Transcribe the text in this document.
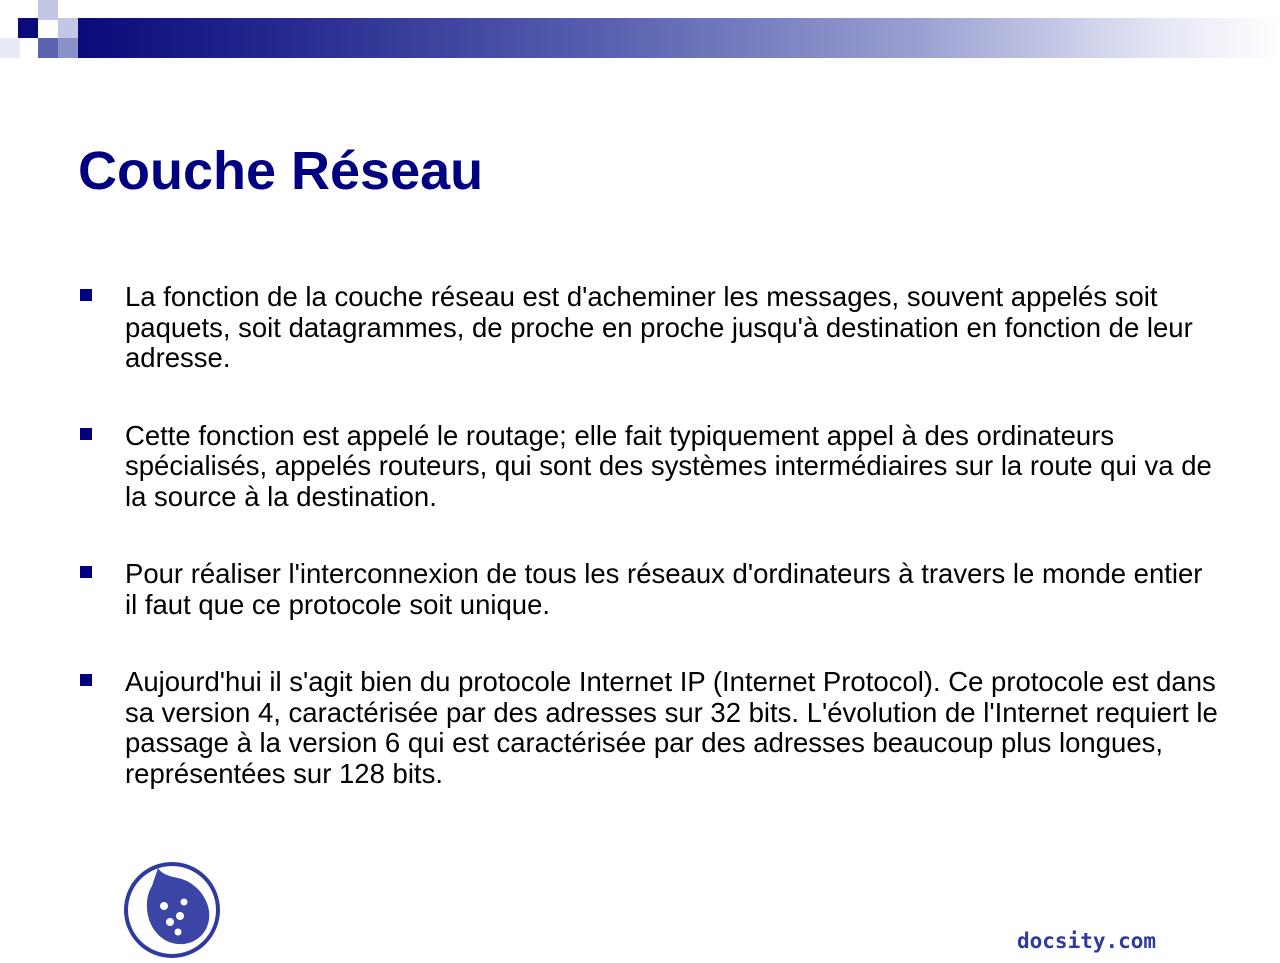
Couche Réseau
La fonction de la couche réseau est d'acheminer les messages, souvent appelés soit paquets, soit datagrammes, de proche en proche jusqu'à destination en fonction de leur adresse.
Cette fonction est appelé le routage; elle fait typiquement appel à des ordinateurs spécialisés, appelés routeurs, qui sont des systèmes intermédiaires sur la route qui va de la source à la destination.
Pour réaliser l'interconnexion de tous les réseaux d'ordinateurs à travers le monde entier il faut que ce protocole soit unique.
Aujourd'hui il s'agit bien du protocole Internet IP (Internet Protocol). Ce protocole est dans sa version 4, caractérisée par des adresses sur 32 bits. L'évolution de l'Internet requiert le passage à la version 6 qui est caractérisée par des adresses beaucoup plus longues, représentées sur 128 bits.
docsity.com
